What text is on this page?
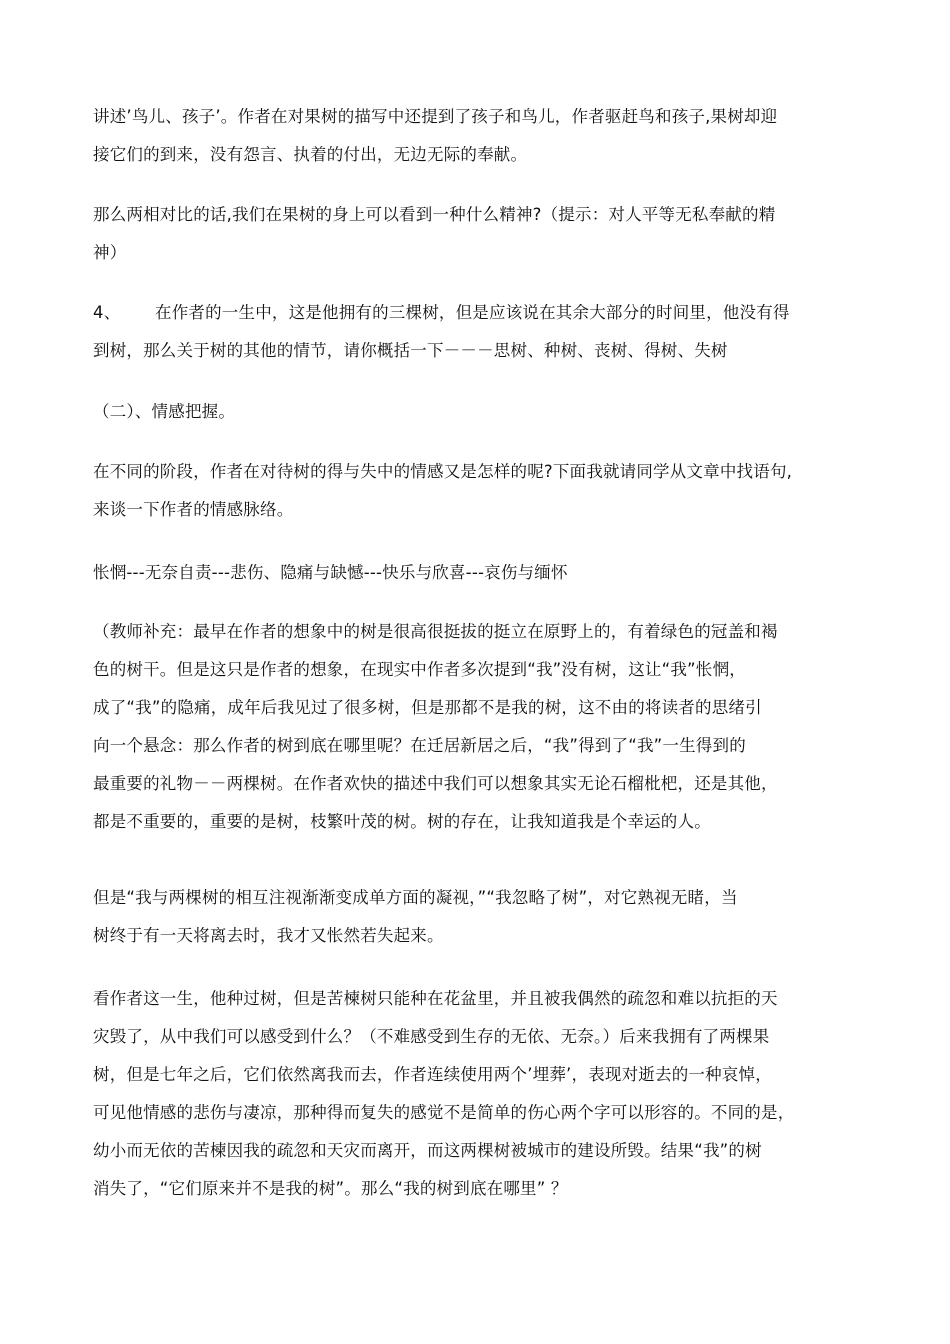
讲述’鸟儿、孩子’。作者在对果树的描写中还提到了孩子和鸟儿，作者驱赶鸟和孩子,果树却迎
接它们的到来，没有怨言、执着的付出，无边无际的奉献。

那么两相对比的话,我们在果树的身上可以看到一种什么精神?（提示：对人平等无私奉献的精
神）

4、 在作者的一生中，这是他拥有的三棵树，但是应该说在其余大部分的时间里，他没有得
到树，那么关于树的其他的情节，请你概括一下－－－思树、种树、丧树、得树、失树

（二）、情感把握。

在不同的阶段，作者在对待树的得与失中的情感又是怎样的呢?下面我就请同学从文章中找语句,
来谈一下作者的情感脉络。

怅惘---无奈自责---悲伤、隐痛与缺憾---快乐与欣喜---哀伤与缅怀

（教师补充：最早在作者的想象中的树是很高很挺拔的挺立在原野上的，有着绿色的冠盖和褐
色的树干。但是这只是作者的想象，在现实中作者多次提到“我”没有树，这让“我”怅惘，
成了“我”的隐痛，成年后我见过了很多树，但是那都不是我的树，这不由的将读者的思绪引
向一个悬念：那么作者的树到底在哪里呢？在迁居新居之后，“我”得到了“我”一生得到的
最重要的礼物－－两棵树。在作者欢快的描述中我们可以想象其实无论石榴枇杷，还是其他，
都是不重要的，重要的是树，枝繁叶茂的树。树的存在，让我知道我是个幸运的人。

但是“我与两棵树的相互注视渐渐变成单方面的凝视，”“我忽略了树”，对它熟视无睹，当
树终于有一天将离去时，我才又怅然若失起来。

看作者这一生，他种过树，但是苦楝树只能种在花盆里，并且被我偶然的疏忽和难以抗拒的天
灾毁了，从中我们可以感受到什么？（不难感受到生存的无依、无奈。）后来我拥有了两棵果
树，但是七年之后，它们依然离我而去，作者连续使用两个’埋葬’，表现对逝去的一种哀悼，
可见他情感的悲伤与凄凉，那种得而复失的感觉不是简单的伤心两个字可以形容的。不同的是，
幼小而无依的苦楝因我的疏忽和天灾而离开，而这两棵树被城市的建设所毁。结果“我”的树
消失了，“它们原来并不是我的树”。那么“我的树到底在哪里” ？
